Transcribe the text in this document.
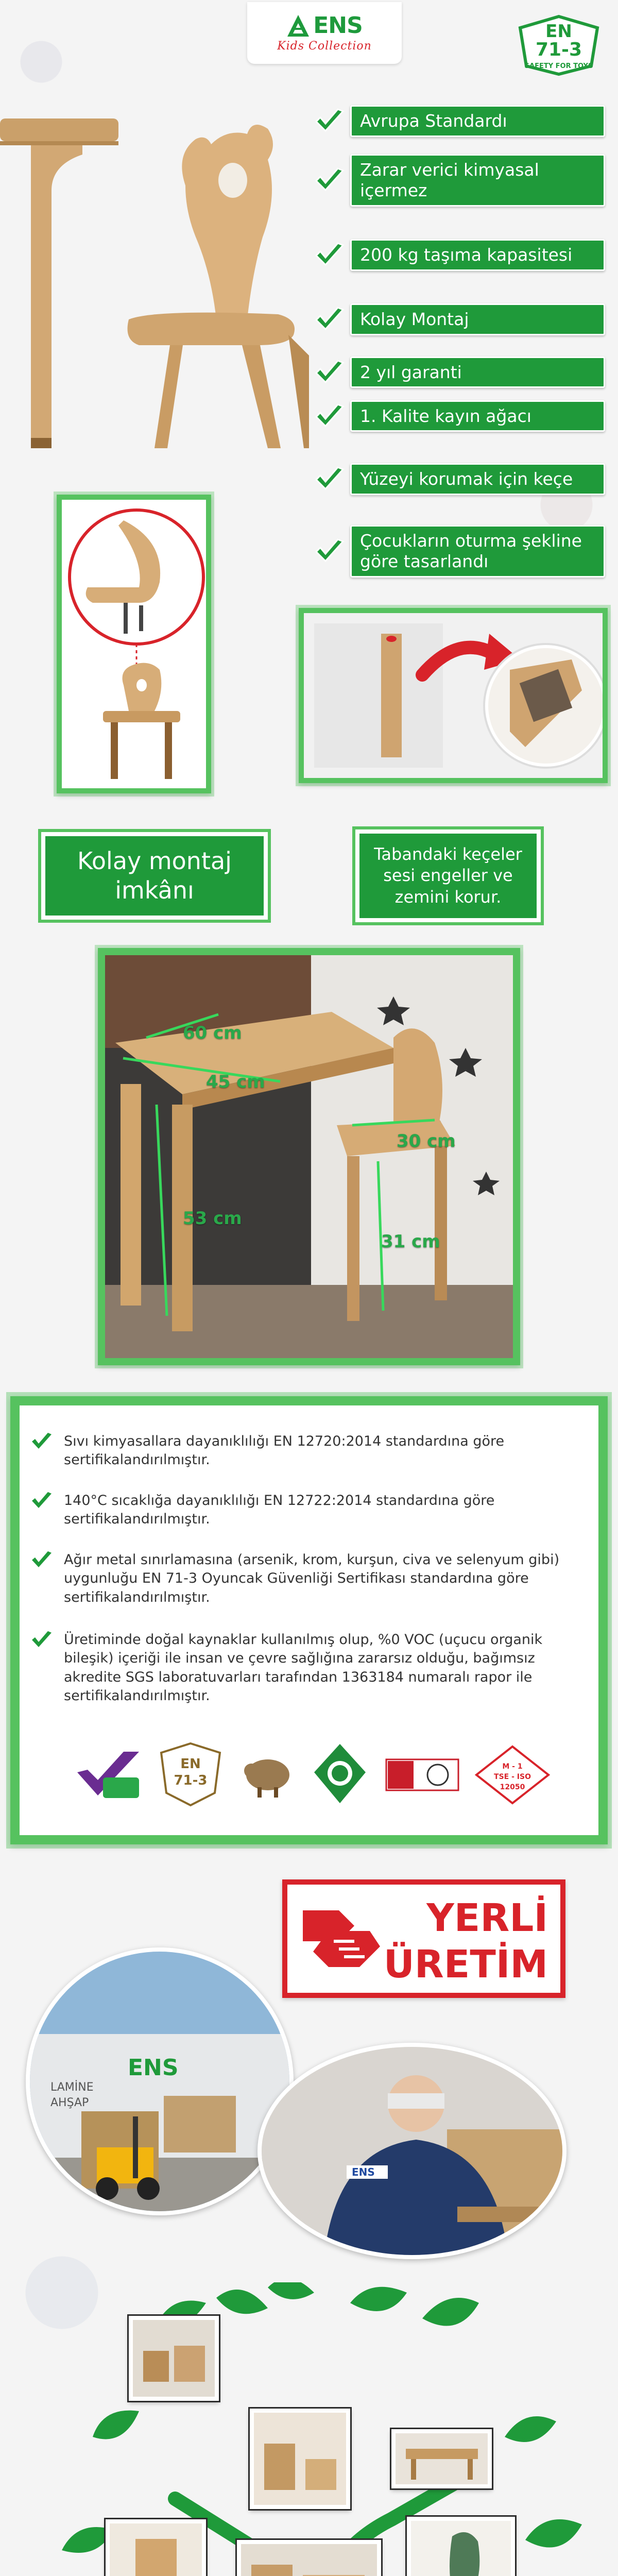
ENS
Kids Collection
EN
71-3
SAFETY FOR TOYS
Avrupa Standardı
Zarar verici kimyasal içermez
200 kg taşıma kapasitesi
Kolay Montaj
2 yıl garanti
1. Kalite kayın ağacı
Yüzeyi korumak için keçe
Çocukların oturma şekline göre tasarlandı
Kolay montaj imkânı
Tabandaki keçeler sesi engeller ve zemini korur.
60 cm
45 cm
53 cm
30 cm
31 cm
Sıvı kimyasallara dayanıklılığı EN 12720:2014 standardına göre sertifikalandırılmıştır.
140°C sıcaklığa dayanıklılığı EN 12722:2014 standardına göre sertifikalandırılmıştır.
Ağır metal sınırlamasına (arsenik, krom, kurşun, civa ve selenyum gibi) uygunluğu EN 71-3 Oyuncak Güvenliği Sertifikası standardına göre sertifikalandırılmıştır.
Üretiminde doğal kaynaklar kullanılmış olup, %0 VOC (uçucu organik bileşik) içeriği ile insan ve çevre sağlığına zararsız olduğu, bağımsız akredite SGS laboratuvarları tarafından 1363184 numaralı rapor ile sertifikalandırılmıştır.
EN
71-3
M - 1
TSE - ISO
12050
YERLİ
ÜRETİM
LAMİNE
AHŞAP
ENS
ENS
